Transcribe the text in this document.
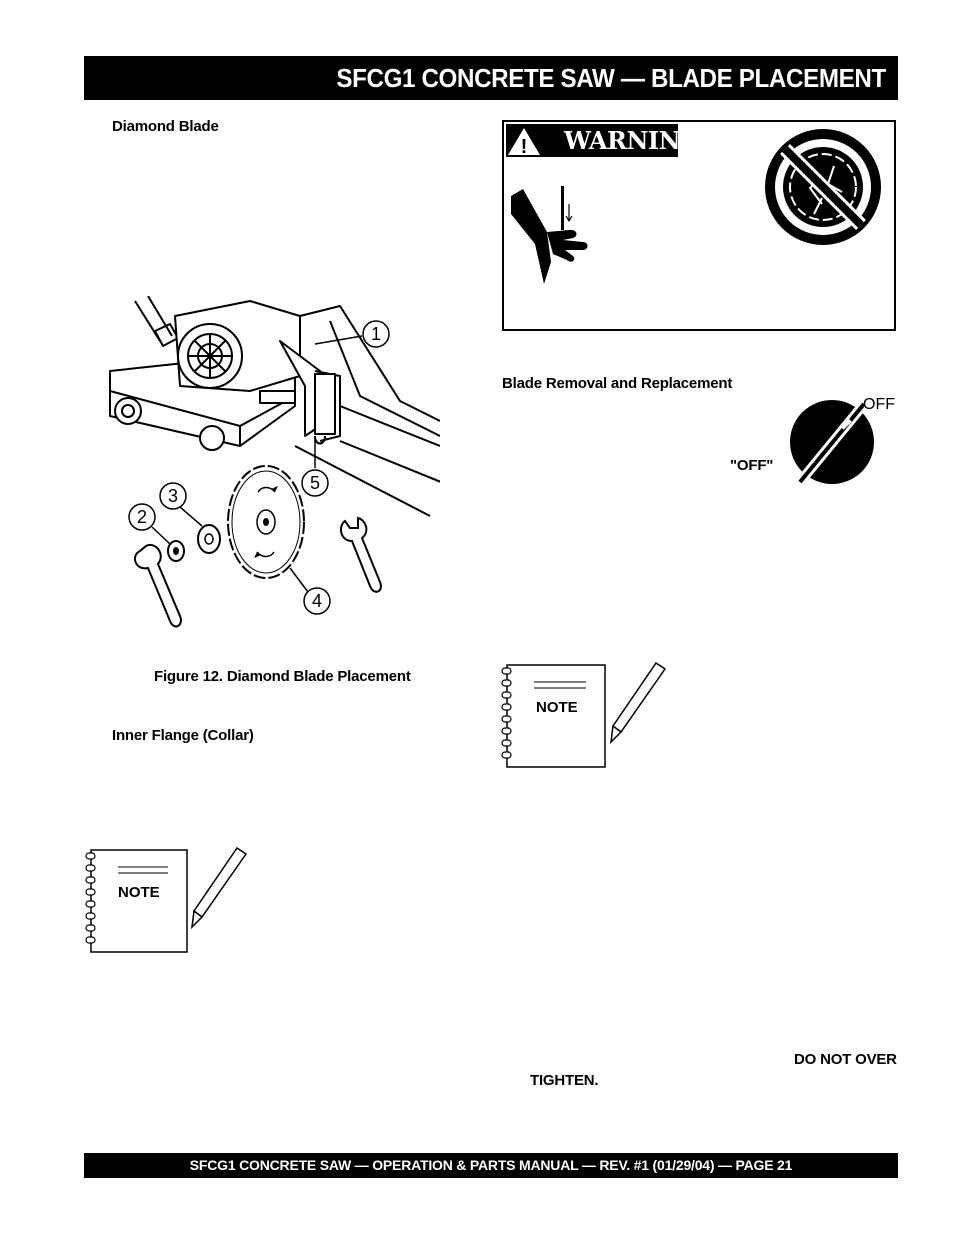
SFCG1 CONCRETE SAW — BLADE PLACEMENT
Diamond Blade
1
5
3
2
4
Figure 12. Diamond Blade Placement
Inner Flange (Collar)
NOTE
! WARNING
Blade Removal and Replacement
OFF
"OFF"
NOTE
DO NOT OVER
TIGHTEN.
SFCG1 CONCRETE SAW — OPERATION & PARTS MANUAL — REV. #1 (01/29/04) — PAGE 21
